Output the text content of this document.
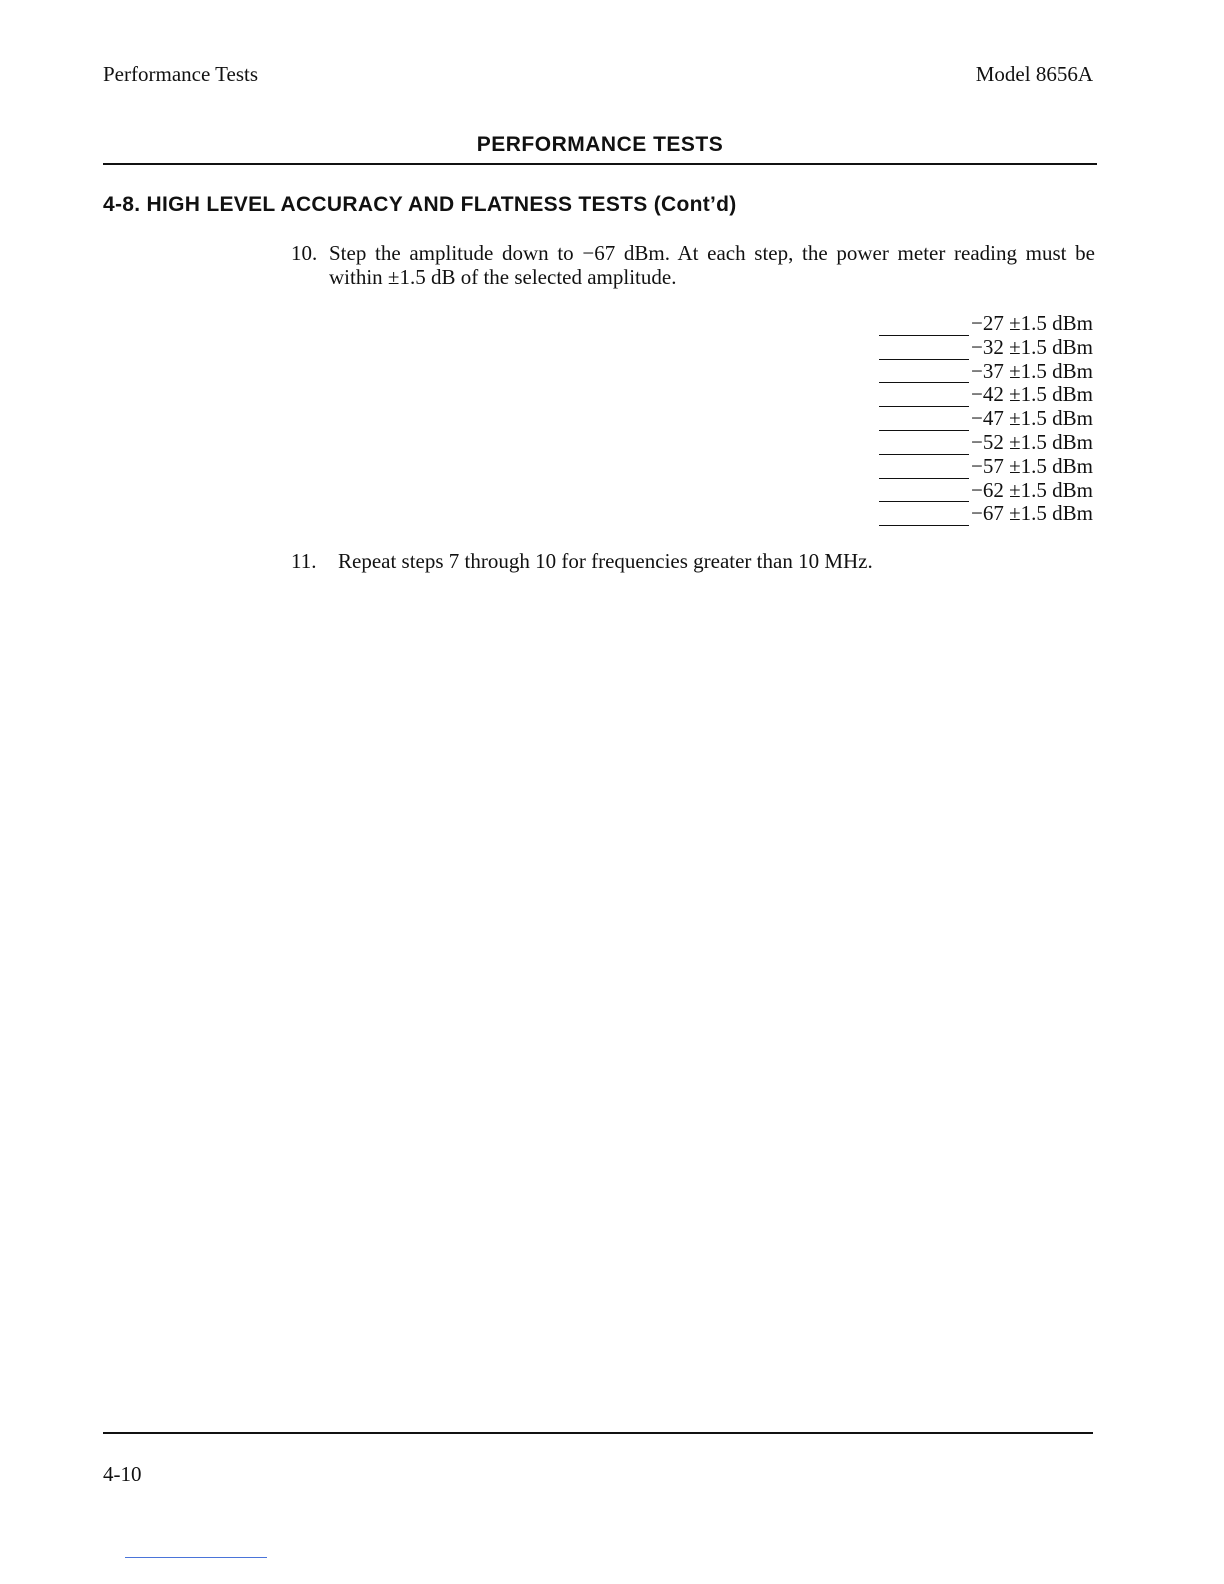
Performance Tests	Model 8656A
PERFORMANCE TESTS
4-8. HIGH LEVEL ACCURACY AND FLATNESS TESTS (Cont’d)
10. Step the amplitude down to −67 dBm. At each step, the power meter reading must be within ±1.5 dB of the selected amplitude.
−27 ±1.5 dBm
−32 ±1.5 dBm
−37 ±1.5 dBm
−42 ±1.5 dBm
−47 ±1.5 dBm
−52 ±1.5 dBm
−57 ±1.5 dBm
−62 ±1.5 dBm
−67 ±1.5 dBm
11. Repeat steps 7 through 10 for frequencies greater than 10 MHz.
4-10
